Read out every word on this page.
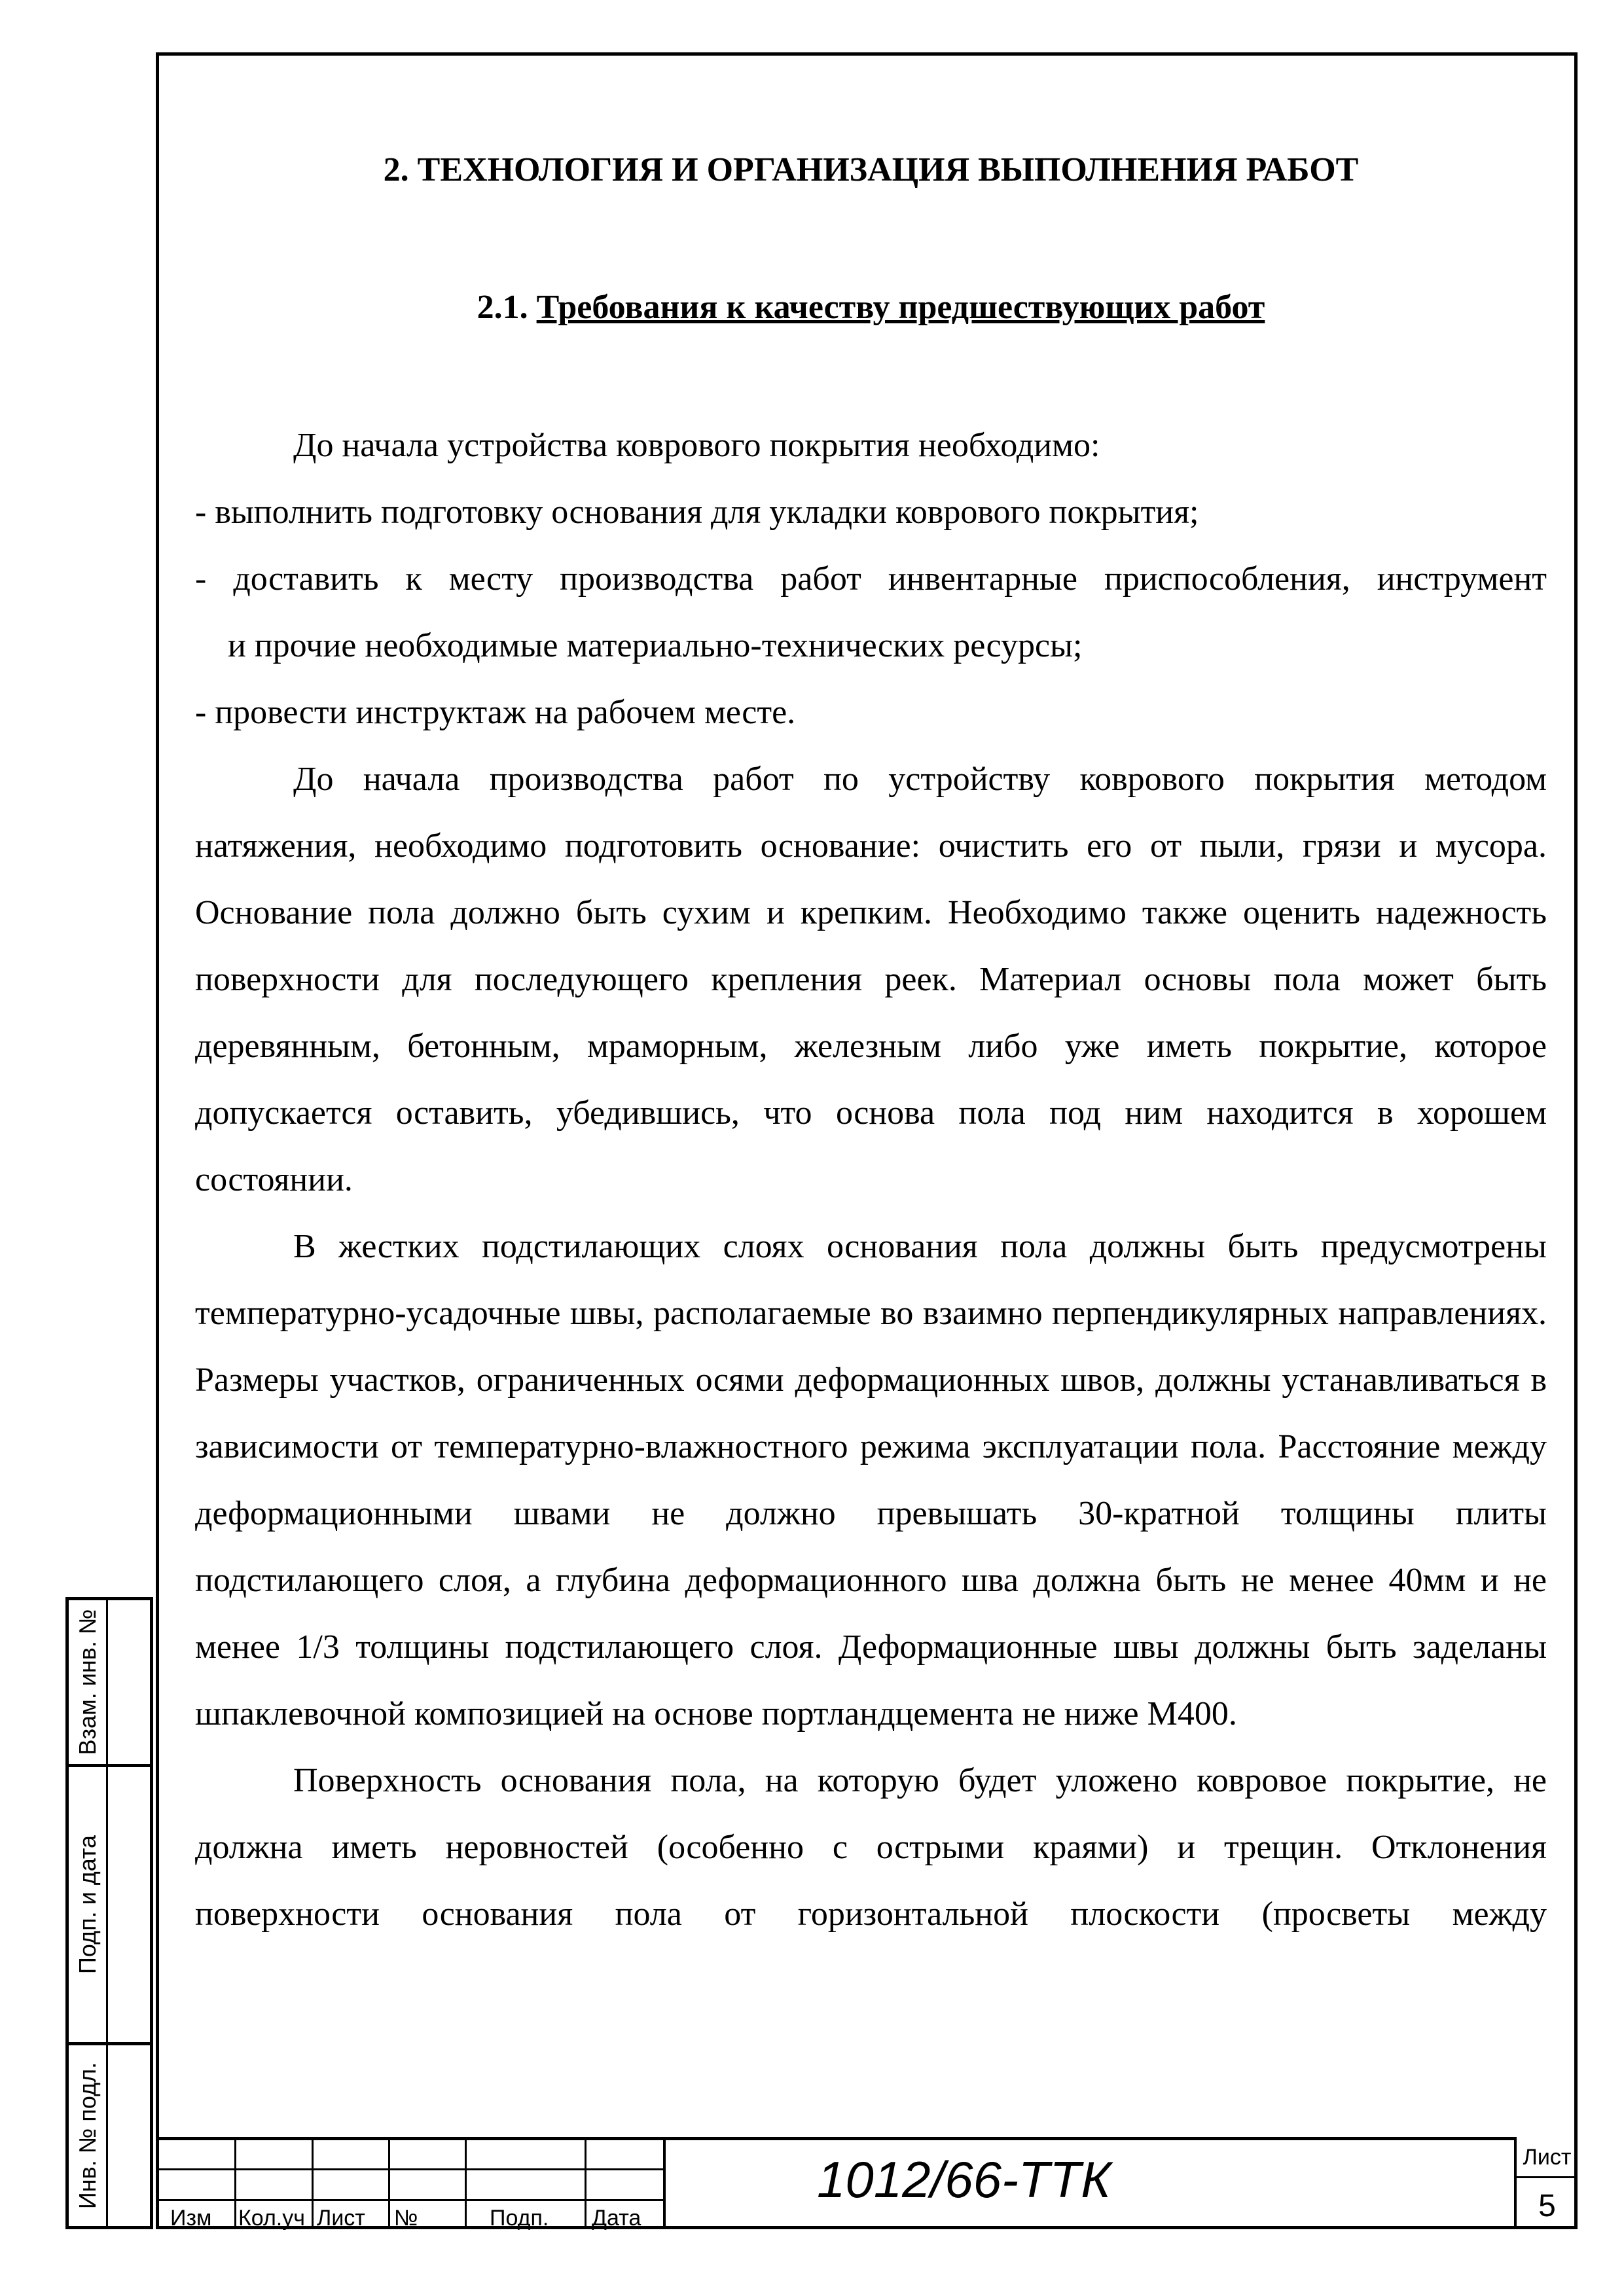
2. ТЕХНОЛОГИЯ И ОРГАНИЗАЦИЯ ВЫПОЛНЕНИЯ РАБОТ
2.1. Требования к качеству предшествующих работ

До начала устройства коврового покрытия необходимо:

- выполнить подготовку основания для укладки коврового покрытия;

- доставить к месту производства работ инвентарные приспособления, инструмент

и прочие необходимые материально-технических ресурсы;

- провести инструктаж на рабочем месте.

До начала производства работ по устройству коврового покрытия методом натяжения, необходимо подготовить основание: очистить его от пыли, грязи и мусора. Основание пола должно быть сухим и крепким. Необходимо также оценить надежность поверхности для последующего крепления реек. Материал основы пола может быть деревянным, бетонным, мраморным, железным либо уже иметь покрытие, которое допускается оставить, убедившись, что основа пола под ним находится в хорошем состоянии.

В жестких подстилающих слоях основания пола должны быть предусмотрены температурно-усадочные швы, располагаемые во взаимно перпендикулярных направлениях. Размеры участков, ограниченных осями деформационных швов, должны устанавливаться в зависимости от температурно-влажностного режима эксплуатации пола. Расстояние между деформационными швами не должно превышать 30-кратной толщины плиты подстилающего слоя, а глубина деформационного шва должна быть не менее 40мм и не менее 1/3 толщины подстилающего слоя. Деформационные швы должны быть заделаны шпаклевочной композицией на основе портландцемента не ниже М400.

Поверхность основания пола, на которую будет уложено ковровое покрытие, не должна иметь неровностей (особенно с острыми краями) и трещин. Отклонения поверхности основания пола от горизонтальной плоскости (просветы между

Взам. инв. №
Подп. и дата
Инв. № подл.
Изм Кол.уч Лист №	Подп. Дата
1012/66-ТТК	Лист
5
